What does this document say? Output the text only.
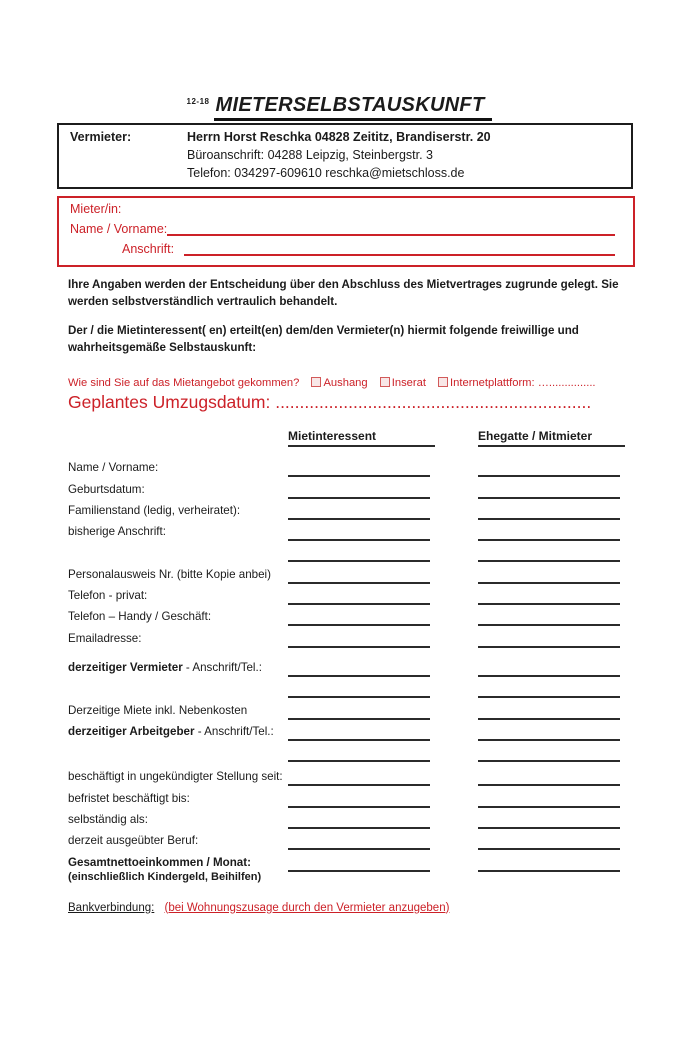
$^{12-18}$ MIETERSELBSTAUSKUNFT
Vermieter:	Herrn Horst Reschka 04828 Zeititz, Brandiserstr. 20
Büroanschrift: 04288 Leipzig, Steinbergstr. 3
Telefon: 034297-609610 reschka@mietschloss.de
Mieter/in:
Name / Vorname:
Anschrift:
Ihre Angaben werden der Entscheidung über den Abschluss des Mietvertrages zugrunde gelegt. Sie werden selbstverständlich vertraulich behandelt.
Der / die Mietinteressent( en) erteilt(en) dem/den Vermieter(n) hiermit folgende freiwillige und wahrheitsgemäße Selbstauskunft:
Wie sind Sie auf das Mietangebot gekommen? Aushang Inserat Internetplattform: …...............
Geplantes Umzugsdatum: .................................................................
Mietinteressent	Ehegatte / Mitmieter
Name / Vorname:
Geburtsdatum:
Familienstand (ledig, verheiratet):
bisherige Anschrift:
Personalausweis Nr. (bitte Kopie anbei)
Telefon - privat:
Telefon – Handy / Geschäft:
Emailadresse:
derzeitiger Vermieter - Anschrift/Tel.:
Derzeitige Miete inkl. Nebenkosten
derzeitiger Arbeitgeber - Anschrift/Tel.:
beschäftigt in ungekündigter Stellung seit:
befristet beschäftigt bis:
selbständig als:
derzeit ausgeübter Beruf:
Gesamtnettoeinkommen / Monat:
(einschließlich Kindergeld, Beihilfen)
Bankverbindung: (bei Wohnungszusage durch den Vermieter anzugeben)
